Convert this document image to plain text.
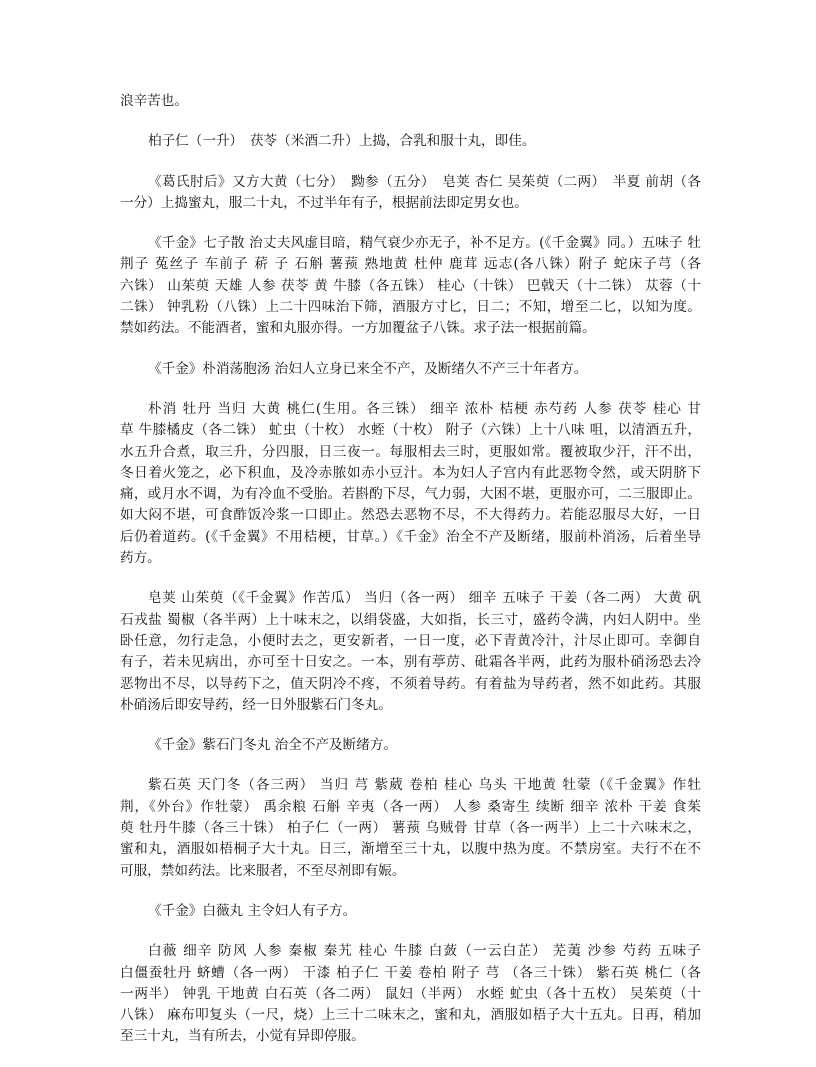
浪辛苦也。
柏子仁（一升）　茯苓（米酒二升）上捣，合乳和服十丸，即佳。
《葛氏肘后》又方大黄（七分）　黝参（五分）　皂荚 杏仁 吴茱萸（二两）　半夏 前胡（各
一分）上捣蜜丸，服二十丸，不过半年有子，根据前法即定男女也。
《千金》七子散 治丈夫风虚目暗，精气衰少亦无子，补不足方。(《千金翼》同。）五味子 牡
荆子 菟丝子 车前子 菥 子 石斛 薯蓣 熟地黄 杜仲 鹿茸 远志(各八铢）附子 蛇床子芎（各
六铢） 山茱萸 天雄 人参 茯苓 黄 牛膝（各五铢） 桂心（十铢） 巴戟天（十二铢） 苁蓉（十
二铢） 钟乳粉（八铢）上二十四味治下筛，酒服方寸匕，日二；不知，增至二匕，以知为度。
禁如药法。不能酒者，蜜和丸服亦得。一方加覆盆子八铢。求子法一根据前篇。
《千金》朴消荡胞汤 治妇人立身已来全不产，及断绪久不产三十年者方。
朴消 牡丹 当归 大黄 桃仁(生用。各三铢） 细辛 浓朴 桔梗 赤芍药 人参 茯苓 桂心 甘
草 牛膝橘皮（各二铢） 虻虫（十枚） 水蛭（十枚） 附子（六铢）上十八味 咀，以清酒五升，
水五升合煮，取三升，分四服，日三夜一。每服相去三时，更服如常。覆被取少汗，汗不出，
冬日着火笼之，必下积血，及冷赤脓如赤小豆汁。本为妇人子宫内有此恶物令然，或天阴脐下
痛，或月水不调，为有冷血不受胎。若斟酌下尽，气力弱，大困不堪，更服亦可，二三服即止。
如大闷不堪，可食酢饭冷浆一口即止。然恐去恶物不尽，不大得药力。若能忍服尽大好，一日
后仍着道药。(《千金翼》不用桔梗，甘草。）《千金》治全不产及断绪，服前朴消汤，后着坐导
药方。
皂荚 山茱萸（《千金翼》作苦瓜） 当归（各一两） 细辛 五味子 干姜（各二两） 大黄 矾
石戎盐 蜀椒（各半两）上十味末之，以绢袋盛，大如指，长三寸，盛药令满，内妇人阴中。坐
卧任意，勿行走急，小便时去之，更安新者，一日一度，必下青黄冷汁，汁尽止即可。幸御自
有子，若未见病出，亦可至十日安之。一本，别有葶苈、砒霜各半两，此药为服朴硝汤恐去冷
恶物出不尽，以导药下之，值天阴冷不疼，不须着导药。有着盐为导药者，然不如此药。其服
朴硝汤后即安导药，经一日外服紫石门冬丸。
《千金》紫石门冬丸 治全不产及断绪方。
紫石英 天门冬（各三两） 当归 芎 紫葳 卷柏 桂心 乌头 干地黄 牡蒙（《千金翼》作牡
荆，《外台》作牡蒙） 禹余粮 石斛 辛夷（各一两） 人参 桑寄生 续断 细辛 浓朴 干姜 食茱
萸 牡丹牛膝（各三十铢） 柏子仁（一两） 薯蓣 乌贼骨 甘草（各一两半）上二十六味末之，
蜜和丸，酒服如梧桐子大十丸。日三，渐增至三十丸，以腹中热为度。不禁房室。夫行不在不
可服，禁如药法。比来服者，不至尽剂即有娠。
《千金》白薇丸 主令妇人有子方。
白薇 细辛 防风 人参 秦椒 秦艽 桂心 牛膝 白蔹（一云白芷） 芜荑 沙参 芍药 五味子
白僵蚕牡丹 蛴螬（各一两） 干漆 柏子仁 干姜 卷柏 附子 芎 （各三十铢） 紫石英 桃仁（各
一两半） 钟乳 干地黄 白石英（各二两） 鼠妇（半两） 水蛭 虻虫（各十五枚） 吴茱萸（十
八铢） 麻布叩复头（一尺，烧）上三十二味末之，蜜和丸，酒服如梧子大十五丸。日再，稍加
至三十丸，当有所去，小觉有异即停服。
